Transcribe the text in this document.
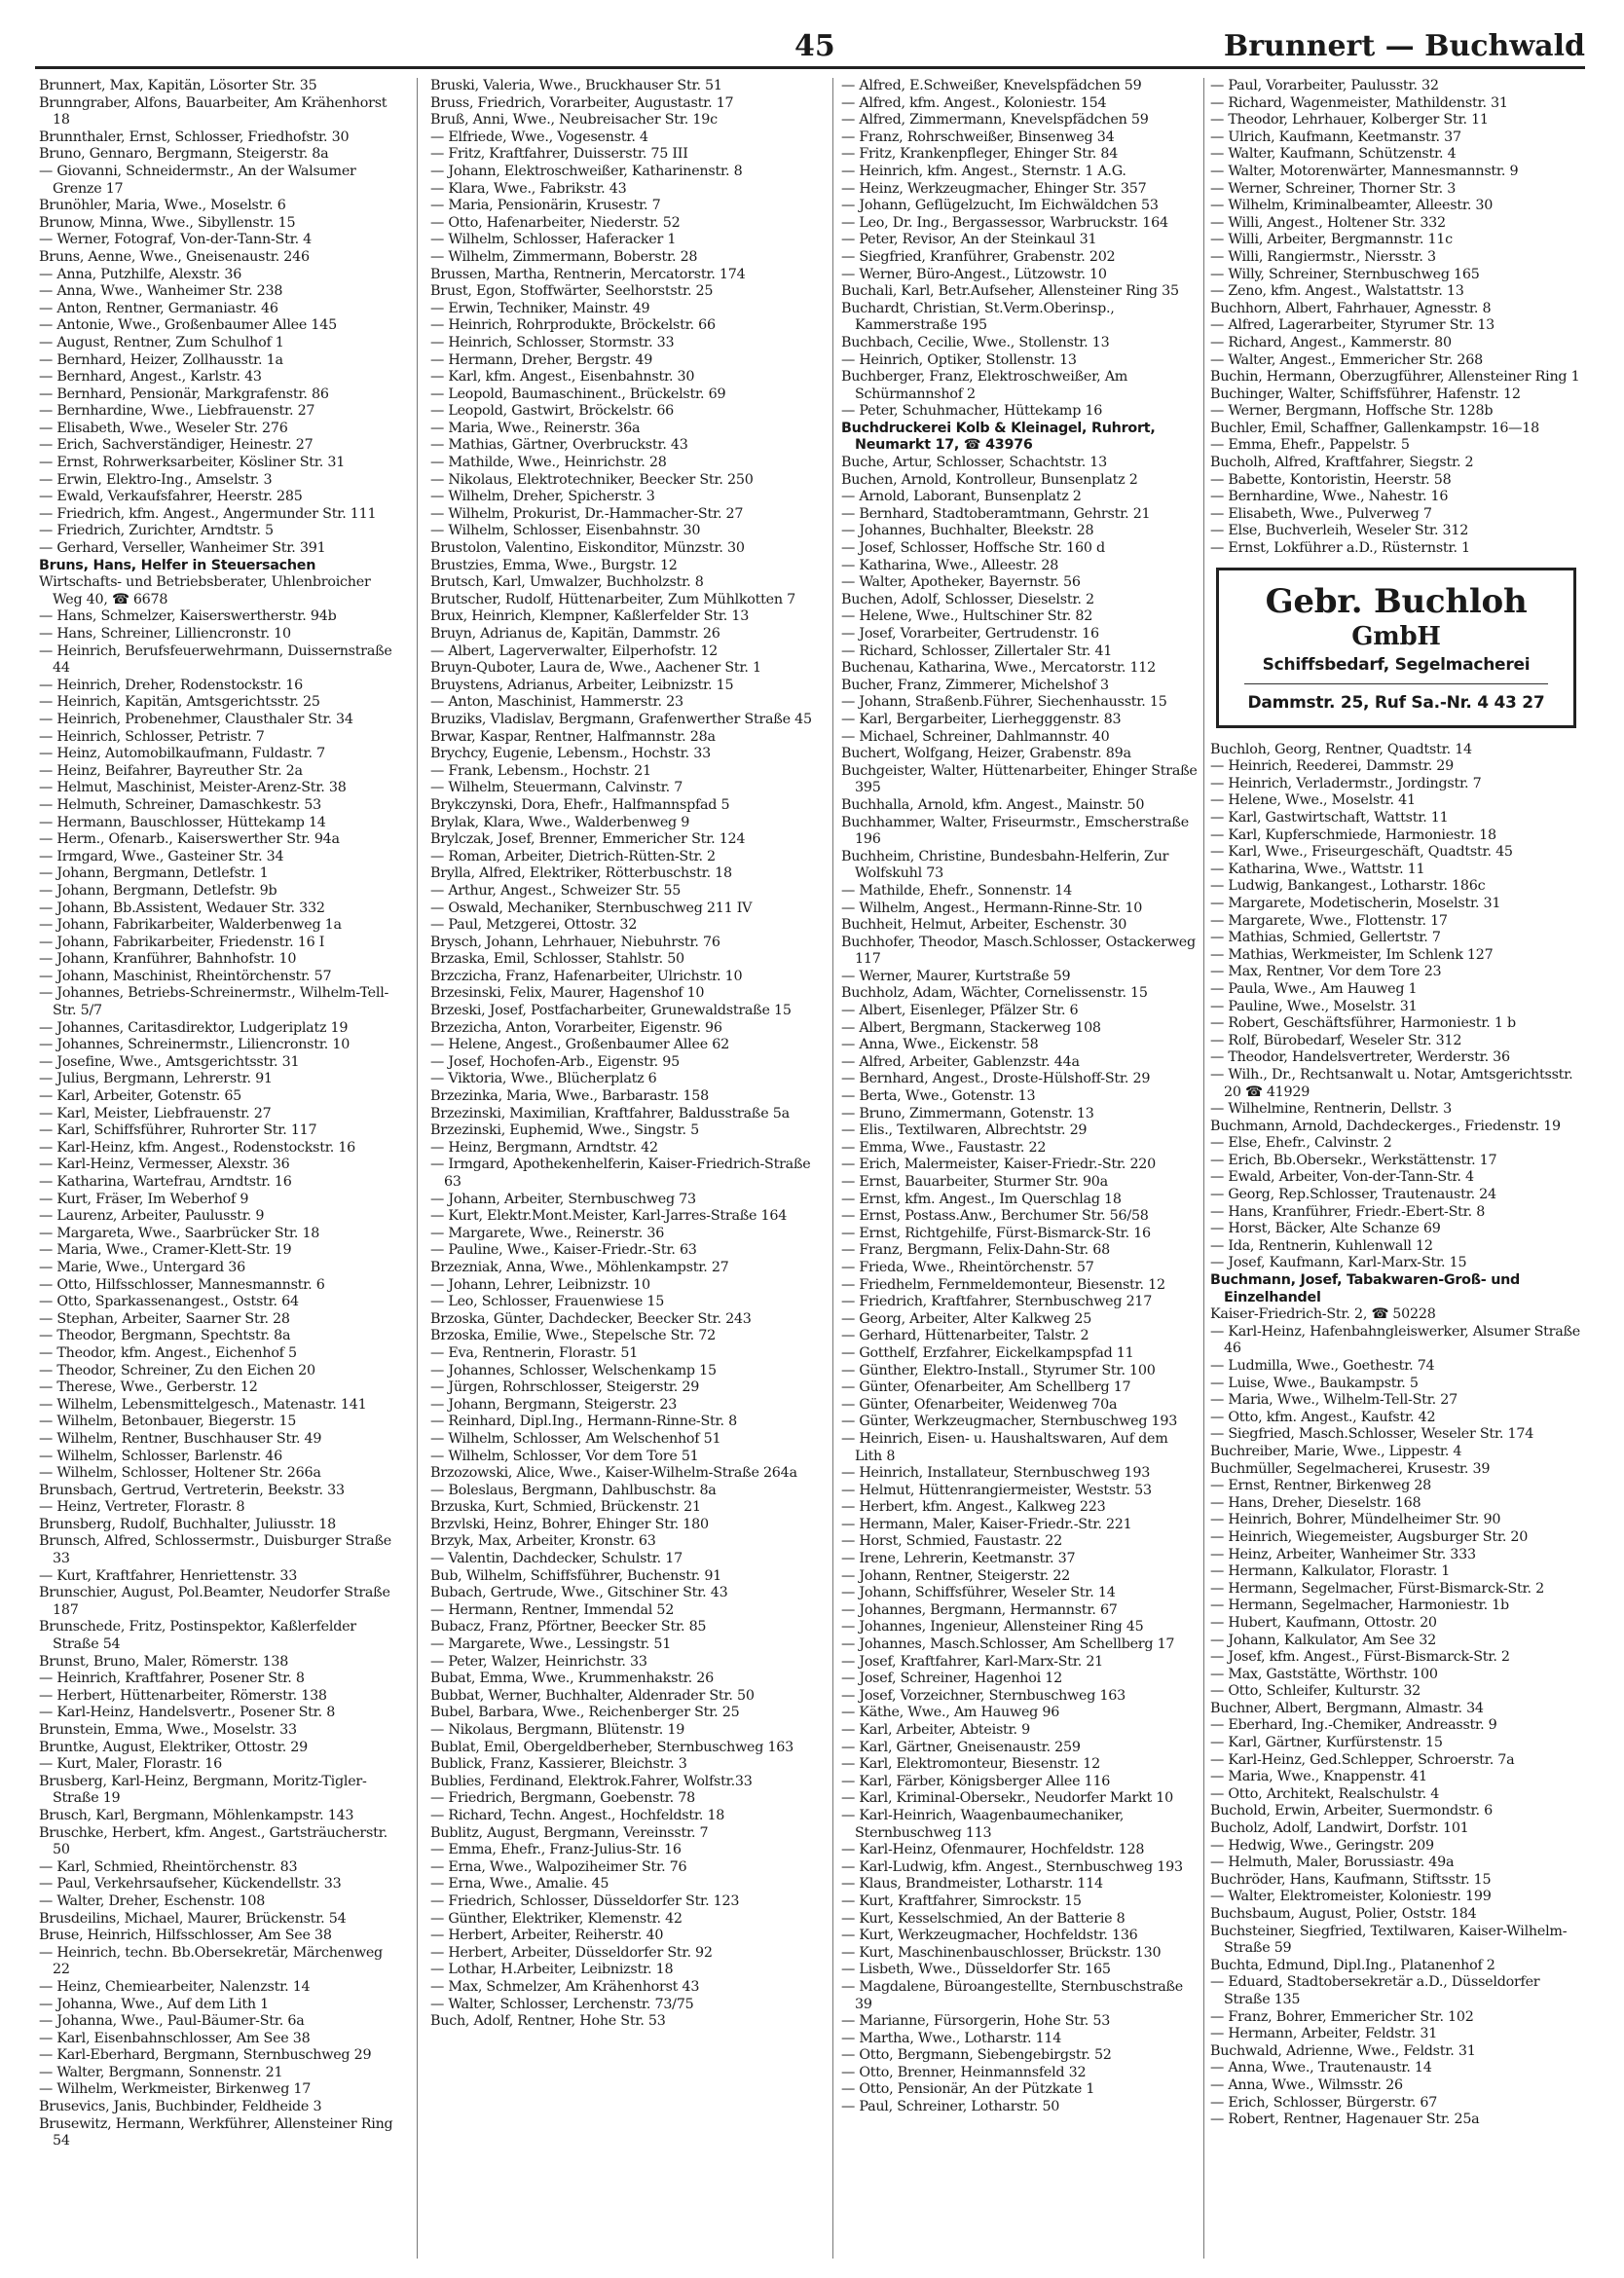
45	Brunnert — Buchwald

Brunnert, Max, Kapitän, Lösorter Str. 35

Brunngraber, Alfons, Bauarbeiter, Am Krähenhorst 18

Brunnthaler, Ernst, Schlosser, Friedhofstr. 30

Bruno, Gennaro, Bergmann, Steigerstr. 8a

— Giovanni, Schneidermstr., An der Walsumer Grenze 17

Brunöhler, Maria, Wwe., Moselstr. 6

Brunow, Minna, Wwe., Sibyllenstr. 15

— Werner, Fotograf, Von-der-Tann-Str. 4

Bruns, Aenne, Wwe., Gneisenaustr. 246

— Anna, Putzhilfe, Alexstr. 36

— Anna, Wwe., Wanheimer Str. 238

— Anton, Rentner, Germaniastr. 46

— Antonie, Wwe., Großenbaumer Allee 145

— August, Rentner, Zum Schulhof 1

— Bernhard, Heizer, Zollhausstr. 1a

— Bernhard, Angest., Karlstr. 43

— Bernhard, Pensionär, Markgrafenstr. 86

— Bernhardine, Wwe., Liebfrauenstr. 27

— Elisabeth, Wwe., Weseler Str. 276

— Erich, Sachverständiger, Heinestr. 27

— Ernst, Rohrwerksarbeiter, Kösliner Str. 31

— Erwin, Elektro-Ing., Amselstr. 3

— Ewald, Verkaufsfahrer, Heerstr. 285

— Friedrich, kfm. Angest., Angermunder Str. 111

— Friedrich, Zurichter, Arndtstr. 5

— Gerhard, Verseller, Wanheimer Str. 391

Bruns, Hans, Helfer in Steuersachen

Wirtschafts- und Betriebsberater, Uhlenbroicher Weg 40, ☎ 6678

— Hans, Schmelzer, Kaiserswertherstr. 94b

— Hans, Schreiner, Lilliencronstr. 10

— Heinrich, Berufsfeuerwehrmann, Duissernstraße 44

— Heinrich, Dreher, Rodenstockstr. 16

— Heinrich, Kapitän, Amtsgerichtsstr. 25

— Heinrich, Probenehmer, Clausthaler Str. 34

— Heinrich, Schlosser, Petristr. 7

— Heinz, Automobilkaufmann, Fuldastr. 7

— Heinz, Beifahrer, Bayreuther Str. 2a

— Helmut, Maschinist, Meister-Arenz-Str. 38

— Helmuth, Schreiner, Damaschkestr. 53

— Hermann, Bauschlosser, Hüttekamp 14

— Herm., Ofenarb., Kaiserswerther Str. 94a

— Irmgard, Wwe., Gasteiner Str. 34

— Johann, Bergmann, Detlefstr. 1

— Johann, Bergmann, Detlefstr. 9b

— Johann, Bb.Assistent, Wedauer Str. 332

— Johann, Fabrikarbeiter, Walderbenweg 1a

— Johann, Fabrikarbeiter, Friedenstr. 16 I

— Johann, Kranführer, Bahnhofstr. 10

— Johann, Maschinist, Rheintörchenstr. 57

— Johannes, Betriebs-Schreinermstr., Wilhelm-Tell-Str. 5/7

— Johannes, Caritasdirektor, Ludgeriplatz 19

— Johannes, Schreinermstr., Liliencronstr. 10

— Josefine, Wwe., Amtsgerichtsstr. 31

— Julius, Bergmann, Lehrerstr. 91

— Karl, Arbeiter, Gotenstr. 65

— Karl, Meister, Liebfrauenstr. 27

— Karl, Schiffsführer, Ruhrorter Str. 117

— Karl-Heinz, kfm. Angest., Rodenstockstr. 16

— Karl-Heinz, Vermesser, Alexstr. 36

— Katharina, Wartefrau, Arndtstr. 16

— Kurt, Fräser, Im Weberhof 9

— Laurenz, Arbeiter, Paulusstr. 9

— Margareta, Wwe., Saarbrücker Str. 18

— Maria, Wwe., Cramer-Klett-Str. 19

— Marie, Wwe., Untergard 36

— Otto, Hilfsschlosser, Mannesmannstr. 6

— Otto, Sparkassenangest., Oststr. 64

— Stephan, Arbeiter, Saarner Str. 28

— Theodor, Bergmann, Spechtstr. 8a

— Theodor, kfm. Angest., Eichenhof 5

— Theodor, Schreiner, Zu den Eichen 20

— Therese, Wwe., Gerberstr. 12

— Wilhelm, Lebensmittelgesch., Matenastr. 141

— Wilhelm, Betonbauer, Biegerstr. 15

— Wilhelm, Rentner, Buschhauser Str. 49

— Wilhelm, Schlosser, Barlenstr. 46

— Wilhelm, Schlosser, Holtener Str. 266a

Brunsbach, Gertrud, Vertreterin, Beekstr. 33

— Heinz, Vertreter, Florastr. 8

Brunsberg, Rudolf, Buchhalter, Juliusstr. 18

Brunsch, Alfred, Schlossermstr., Duisburger Straße 33

— Kurt, Kraftfahrer, Henriettenstr. 33

Brunschier, August, Pol.Beamter, Neudorfer Straße 187

Brunschede, Fritz, Postinspektor, Kaßlerfelder Straße 54

Brunst, Bruno, Maler, Römerstr. 138

— Heinrich, Kraftfahrer, Posener Str. 8

— Herbert, Hüttenarbeiter, Römerstr. 138

— Karl-Heinz, Handelsvertr., Posener Str. 8

Brunstein, Emma, Wwe., Moselstr. 33

Bruntke, August, Elektriker, Ottostr. 29

— Kurt, Maler, Florastr. 16

Brusberg, Karl-Heinz, Bergmann, Moritz-Tigler-Straße 19

Brusch, Karl, Bergmann, Möhlenkampstr. 143

Bruschke, Herbert, kfm. Angest., Gartsträucherstr. 50

— Karl, Schmied, Rheintörchenstr. 83

— Paul, Verkehrsaufseher, Kückendellstr. 33

— Walter, Dreher, Eschenstr. 108

Brusdeilins, Michael, Maurer, Brückenstr. 54

Bruse, Heinrich, Hilfsschlosser, Am See 38

— Heinrich, techn. Bb.Obersekretär, Märchenweg 22

— Heinz, Chemiearbeiter, Nalenzstr. 14

— Johanna, Wwe., Auf dem Lith 1

— Johanna, Wwe., Paul-Bäumer-Str. 6a

— Karl, Eisenbahnschlosser, Am See 38

— Karl-Eberhard, Bergmann, Sternbuschweg 29

— Walter, Bergmann, Sonnenstr. 21

— Wilhelm, Werkmeister, Birkenweg 17

Brusevics, Janis, Buchbinder, Feldheide 3

Brusewitz, Hermann, Werkführer, Allensteiner Ring 54

Bruski, Valeria, Wwe., Bruckhauser Str. 51

Bruss, Friedrich, Vorarbeiter, Augustastr. 17

Bruß, Anni, Wwe., Neubreisacher Str. 19c

— Elfriede, Wwe., Vogesenstr. 4

— Fritz, Kraftfahrer, Duisserstr. 75 III

— Johann, Elektroschweißer, Katharinenstr. 8

— Klara, Wwe., Fabrikstr. 43

— Maria, Pensionärin, Krusestr. 7

— Otto, Hafenarbeiter, Niederstr. 52

— Wilhelm, Schlosser, Haferacker 1

— Wilhelm, Zimmermann, Boberstr. 28

Brussen, Martha, Rentnerin, Mercatorstr. 174

Brust, Egon, Stoffwärter, Seelhorststr. 25

— Erwin, Techniker, Mainstr. 49

— Heinrich, Rohrprodukte, Bröckelstr. 66

— Heinrich, Schlosser, Stormstr. 33

— Hermann, Dreher, Bergstr. 49

— Karl, kfm. Angest., Eisenbahnstr. 30

— Leopold, Baumaschinent., Brückelstr. 69

— Leopold, Gastwirt, Bröckelstr. 66

— Maria, Wwe., Reinerstr. 36a

— Mathias, Gärtner, Overbruckstr. 43

— Mathilde, Wwe., Heinrichstr. 28

— Nikolaus, Elektrotechniker, Beecker Str. 250

— Wilhelm, Dreher, Spicherstr. 3

— Wilhelm, Prokurist, Dr.-Hammacher-Str. 27

— Wilhelm, Schlosser, Eisenbahnstr. 30

Brustolon, Valentino, Eiskonditor, Münzstr. 30

Brustzies, Emma, Wwe., Burgstr. 12

Brutsch, Karl, Umwalzer, Buchholzstr. 8

Brutscher, Rudolf, Hüttenarbeiter, Zum Mühlkotten 7

Brux, Heinrich, Klempner, Kaßlerfelder Str. 13

Bruyn, Adrianus de, Kapitän, Dammstr. 26

— Albert, Lagerverwalter, Eilperhofstr. 12

Bruyn-Quboter, Laura de, Wwe., Aachener Str. 1

Bruystens, Adrianus, Arbeiter, Leibnizstr. 15

— Anton, Maschinist, Hammerstr. 23

Bruziks, Vladislav, Bergmann, Grafenwerther Straße 45

Brwar, Kaspar, Rentner, Halfmannstr. 28a

Brychcy, Eugenie, Lebensm., Hochstr. 33

— Frank, Lebensm., Hochstr. 21

— Wilhelm, Steuermann, Calvinstr. 7

Brykczynski, Dora, Ehefr., Halfmannspfad 5

Brylak, Klara, Wwe., Walderbenweg 9

Brylczak, Josef, Brenner, Emmericher Str. 124

— Roman, Arbeiter, Dietrich-Rütten-Str. 2

Brylla, Alfred, Elektriker, Rötterbuschstr. 18

— Arthur, Angest., Schweizer Str. 55

— Oswald, Mechaniker, Sternbuschweg 211 IV

— Paul, Metzgerei, Ottostr. 32

Brysch, Johann, Lehrhauer, Niebuhrstr. 76

Brzaska, Emil, Schlosser, Stahlstr. 50

Brzczicha, Franz, Hafenarbeiter, Ulrichstr. 10

Brzesinski, Felix, Maurer, Hagenshof 10

Brzeski, Josef, Postfacharbeiter, Grunewaldstraße 15

Brzezicha, Anton, Vorarbeiter, Eigenstr. 96

— Helene, Angest., Großenbaumer Allee 62

— Josef, Hochofen-Arb., Eigenstr. 95

— Viktoria, Wwe., Blücherplatz 6

Brzezinka, Maria, Wwe., Barbarastr. 158

Brzezinski, Maximilian, Kraftfahrer, Baldusstraße 5a

Brzezinski, Euphemid, Wwe., Singstr. 5

— Heinz, Bergmann, Arndtstr. 42

— Irmgard, Apothekenhelferin, Kaiser-Friedrich-Straße 63

— Johann, Arbeiter, Sternbuschweg 73

— Kurt, Elektr.Mont.Meister, Karl-Jarres-Straße 164

— Margarete, Wwe., Reinerstr. 36

— Pauline, Wwe., Kaiser-Friedr.-Str. 63

Brzezniak, Anna, Wwe., Möhlenkampstr. 27

— Johann, Lehrer, Leibnizstr. 10

— Leo, Schlosser, Frauenwiese 15

Brzoska, Günter, Dachdecker, Beecker Str. 243

Brzoska, Emilie, Wwe., Stepelsche Str. 72

— Eva, Rentnerin, Florastr. 51

— Johannes, Schlosser, Welschenkamp 15

— Jürgen, Rohrschlosser, Steigerstr. 29

— Johann, Bergmann, Steigerstr. 23

— Reinhard, Dipl.Ing., Hermann-Rinne-Str. 8

— Wilhelm, Schlosser, Am Welschenhof 51

— Wilhelm, Schlosser, Vor dem Tore 51

Brzozowski, Alice, Wwe., Kaiser-Wilhelm-Straße 264a

— Boleslaus, Bergmann, Dahlbuschstr. 8a

Brzuska, Kurt, Schmied, Brückenstr. 21

Brzvlski, Heinz, Bohrer, Ehinger Str. 180

Brzyk, Max, Arbeiter, Kronstr. 63

— Valentin, Dachdecker, Schulstr. 17

Bub, Wilhelm, Schiffsführer, Buchenstr. 91

Bubach, Gertrude, Wwe., Gitschiner Str. 43

— Hermann, Rentner, Immendal 52

Bubacz, Franz, Pförtner, Beecker Str. 85

— Margarete, Wwe., Lessingstr. 51

— Peter, Walzer, Heinrichstr. 33

Bubat, Emma, Wwe., Krummenhakstr. 26

Bubbat, Werner, Buchhalter, Aldenrader Str. 50

Bubel, Barbara, Wwe., Reichenberger Str. 25

— Nikolaus, Bergmann, Blütenstr. 19

Bublat, Emil, Obergeldberheber, Sternbuschweg 163

Bublick, Franz, Kassierer, Bleichstr. 3

Bublies, Ferdinand, Elektrok.Fahrer, Wolfstr.33

— Friedrich, Bergmann, Goebenstr. 78

— Richard, Techn. Angest., Hochfeldstr. 18

Bublitz, August, Bergmann, Vereinsstr. 7

— Emma, Ehefr., Franz-Julius-Str. 16

— Erna, Wwe., Walpoziheimer Str. 76

— Erna, Wwe., Amalie. 45

— Friedrich, Schlosser, Düsseldorfer Str. 123

— Günther, Elektriker, Klemenstr. 42

— Herbert, Arbeiter, Reiherstr. 40

— Herbert, Arbeiter, Düsseldorfer Str. 92

— Lothar, H.Arbeiter, Leibnizstr. 18

— Max, Schmelzer, Am Krähenhorst 43

— Walter, Schlosser, Lerchenstr. 73/75

Buch, Adolf, Rentner, Hohe Str. 53

— Alfred, E.Schweißer, Knevelspfädchen 59

— Alfred, kfm. Angest., Koloniestr. 154

— Alfred, Zimmermann, Knevelspfädchen 59

— Franz, Rohrschweißer, Binsenweg 34

— Fritz, Krankenpfleger, Ehinger Str. 84

— Heinrich, kfm. Angest., Sternstr. 1 A.G.

— Heinz, Werkzeugmacher, Ehinger Str. 357

— Johann, Geflügelzucht, Im Eichwäldchen 53

— Leo, Dr. Ing., Bergassessor, Warbruckstr. 164

— Peter, Revisor, An der Steinkaul 31

— Siegfried, Kranführer, Grabenstr. 202

— Werner, Büro-Angest., Lützowstr. 10

Buchali, Karl, Betr.Aufseher, Allensteiner Ring 35

Buchardt, Christian, St.Verm.Oberinsp., Kammerstraße 195

Buchbach, Cecilie, Wwe., Stollenstr. 13

— Heinrich, Optiker, Stollenstr. 13

Buchberger, Franz, Elektroschweißer, Am Schürmannshof 2

— Peter, Schuhmacher, Hüttekamp 16

Buchdruckerei Kolb & Kleinagel, Ruhrort, Neumarkt 17, ☎ 43976

Buche, Artur, Schlosser, Schachtstr. 13

Buchen, Arnold, Kontrolleur, Bunsenplatz 2

— Arnold, Laborant, Bunsenplatz 2

— Bernhard, Stadtoberamtmann, Gehrstr. 21

— Johannes, Buchhalter, Bleekstr. 28

— Josef, Schlosser, Hoffsche Str. 160 d

— Katharina, Wwe., Alleestr. 28

— Walter, Apotheker, Bayernstr. 56

Buchen, Adolf, Schlosser, Dieselstr. 2

— Helene, Wwe., Hultschiner Str. 82

— Josef, Vorarbeiter, Gertrudenstr. 16

— Richard, Schlosser, Zillertaler Str. 41

Buchenau, Katharina, Wwe., Mercatorstr. 112

Bucher, Franz, Zimmerer, Michelshof 3

— Johann, Straßenb.Führer, Siechenhausstr. 15

— Karl, Bergarbeiter, Lierhegggenstr. 83

— Michael, Schreiner, Dahlmannstr. 40

Buchert, Wolfgang, Heizer, Grabenstr. 89a

Buchgeister, Walter, Hüttenarbeiter, Ehinger Straße 395

Buchhalla, Arnold, kfm. Angest., Mainstr. 50

Buchhammer, Walter, Friseurmstr., Emscherstraße 196

Buchheim, Christine, Bundesbahn-Helferin, Zur Wolfskuhl 73

— Mathilde, Ehefr., Sonnenstr. 14

— Wilhelm, Angest., Hermann-Rinne-Str. 10

Buchheit, Helmut, Arbeiter, Eschenstr. 30

Buchhofer, Theodor, Masch.Schlosser, Ostackerweg 117

— Werner, Maurer, Kurtstraße 59

Buchholz, Adam, Wächter, Cornelissenstr. 15

— Albert, Eisenleger, Pfälzer Str. 6

— Albert, Bergmann, Stackerweg 108

— Anna, Wwe., Eickenstr. 58

— Alfred, Arbeiter, Gablenzstr. 44a

— Bernhard, Angest., Droste-Hülshoff-Str. 29

— Berta, Wwe., Gotenstr. 13

— Bruno, Zimmermann, Gotenstr. 13

— Elis., Textilwaren, Albrechtstr. 29

— Emma, Wwe., Faustastr. 22

— Erich, Malermeister, Kaiser-Friedr.-Str. 220

— Ernst, Bauarbeiter, Sturmer Str. 90a

— Ernst, kfm. Angest., Im Querschlag 18

— Ernst, Postass.Anw., Berchumer Str. 56/58

— Ernst, Richtgehilfe, Fürst-Bismarck-Str. 16

— Franz, Bergmann, Felix-Dahn-Str. 68

— Frieda, Wwe., Rheintörchenstr. 57

— Friedhelm, Fernmeldemonteur, Biesenstr. 12

— Friedrich, Kraftfahrer, Sternbuschweg 217

— Georg, Arbeiter, Alter Kalkweg 25

— Gerhard, Hüttenarbeiter, Talstr. 2

— Gotthelf, Erzfahrer, Eickelkampspfad 11

— Günther, Elektro-Install., Styrumer Str. 100

— Günter, Ofenarbeiter, Am Schellberg 17

— Günter, Ofenarbeiter, Weidenweg 70a

— Günter, Werkzeugmacher, Sternbuschweg 193

— Heinrich, Eisen- u. Haushaltswaren, Auf dem Lith 8

— Heinrich, Installateur, Sternbuschweg 193

— Helmut, Hüttenrangiermeister, Weststr. 53

— Herbert, kfm. Angest., Kalkweg 223

— Hermann, Maler, Kaiser-Friedr.-Str. 221

— Horst, Schmied, Faustastr. 22

— Irene, Lehrerin, Keetmanstr. 37

— Johann, Rentner, Steigerstr. 22

— Johann, Schiffsführer, Weseler Str. 14

— Johannes, Bergmann, Hermannstr. 67

— Johannes, Ingenieur, Allensteiner Ring 45

— Johannes, Masch.Schlosser, Am Schellberg 17

— Josef, Kraftfahrer, Karl-Marx-Str. 21

— Josef, Schreiner, Hagenhoi 12

— Josef, Vorzeichner, Sternbuschweg 163

— Käthe, Wwe., Am Hauweg 96

— Karl, Arbeiter, Abteistr. 9

— Karl, Gärtner, Gneisenaustr. 259

— Karl, Elektromonteur, Biesenstr. 12

— Karl, Färber, Königsberger Allee 116

— Karl, Kriminal-Obersekr., Neudorfer Markt 10

— Karl-Heinrich, Waagenbaumechaniker, Sternbuschweg 113

— Karl-Heinz, Ofenmaurer, Hochfeldstr. 128

— Karl-Ludwig, kfm. Angest., Sternbuschweg 193

— Klaus, Brandmeister, Lotharstr. 114

— Kurt, Kraftfahrer, Simrockstr. 15

— Kurt, Kesselschmied, An der Batterie 8

— Kurt, Werkzeugmacher, Hochfeldstr. 136

— Kurt, Maschinenbauschlosser, Brückstr. 130

— Lisbeth, Wwe., Düsseldorfer Str. 165

— Magdalene, Büroangestellte, Sternbuschstraße 39

— Marianne, Fürsorgerin, Hohe Str. 53

— Martha, Wwe., Lotharstr. 114

— Otto, Bergmann, Siebengebirgstr. 52

— Otto, Brenner, Heinmannsfeld 32

— Otto, Pensionär, An der Pützkate 1

— Paul, Schreiner, Lotharstr. 50

— Paul, Vorarbeiter, Paulusstr. 32

— Richard, Wagenmeister, Mathildenstr. 31

— Theodor, Lehrhauer, Kolberger Str. 11

— Ulrich, Kaufmann, Keetmanstr. 37

— Walter, Kaufmann, Schützenstr. 4

— Walter, Motorenwärter, Mannesmannstr. 9

— Werner, Schreiner, Thorner Str. 3

— Wilhelm, Kriminalbeamter, Alleestr. 30

— Willi, Angest., Holtener Str. 332

— Willi, Arbeiter, Bergmannstr. 11c

— Willi, Rangiermstr., Niersstr. 3

— Willy, Schreiner, Sternbuschweg 165

— Zeno, kfm. Angest., Walstattstr. 13

Buchhorn, Albert, Fahrhauer, Agnesstr. 8

— Alfred, Lagerarbeiter, Styrumer Str. 13

— Richard, Angest., Kammerstr. 80

— Walter, Angest., Emmericher Str. 268

Buchin, Hermann, Oberzugführer, Allensteiner Ring 1

Buchinger, Walter, Schiffsführer, Hafenstr. 12

— Werner, Bergmann, Hoffsche Str. 128b

Buchler, Emil, Schaffner, Gallenkampstr. 16—18

— Emma, Ehefr., Pappelstr. 5

Bucholh, Alfred, Kraftfahrer, Siegstr. 2

— Babette, Kontoristin, Heerstr. 58

— Bernhardine, Wwe., Nahestr. 16

— Elisabeth, Wwe., Pulverweg 7

— Else, Buchverleih, Weseler Str. 312

— Ernst, Lokführer a.D., Rüsternstr. 1

Gebr. Buchloh
GmbH
Schiffsbedarf, Segelmacherei
Dammstr. 25, Ruf Sa.-Nr. 4 43 27

Buchloh, Georg, Rentner, Quadtstr. 14

— Heinrich, Reederei, Dammstr. 29

— Heinrich, Verladermstr., Jordingstr. 7

— Helene, Wwe., Moselstr. 41

— Karl, Gastwirtschaft, Wattstr. 11

— Karl, Kupferschmiede, Harmoniestr. 18

— Karl, Wwe., Friseurgeschäft, Quadtstr. 45

— Katharina, Wwe., Wattstr. 11

— Ludwig, Bankangest., Lotharstr. 186c

— Margarete, Modetischerin, Moselstr. 31

— Margarete, Wwe., Flottenstr. 17

— Mathias, Schmied, Gellertstr. 7

— Mathias, Werkmeister, Im Schlenk 127

— Max, Rentner, Vor dem Tore 23

— Paula, Wwe., Am Hauweg 1

— Pauline, Wwe., Moselstr. 31

— Robert, Geschäftsführer, Harmoniestr. 1 b

— Rolf, Bürobedarf, Weseler Str. 312

— Theodor, Handelsvertreter, Werderstr. 36

— Wilh., Dr., Rechtsanwalt u. Notar, Amtsgerichtsstr. 20 ☎ 41929

— Wilhelmine, Rentnerin, Dellstr. 3

Buchmann, Arnold, Dachdeckerges., Friedenstr. 19

— Else, Ehefr., Calvinstr. 2

— Erich, Bb.Obersekr., Werkstättenstr. 17

— Ewald, Arbeiter, Von-der-Tann-Str. 4

— Georg, Rep.Schlosser, Trautenaustr. 24

— Hans, Kranführer, Friedr.-Ebert-Str. 8

— Horst, Bäcker, Alte Schanze 69

— Ida, Rentnerin, Kuhlenwall 12

— Josef, Kaufmann, Karl-Marx-Str. 15

Buchmann, Josef, Tabakwaren-Groß- und Einzelhandel

Kaiser-Friedrich-Str. 2, ☎ 50228

— Karl-Heinz, Hafenbahngleiswerker, Alsumer Straße 46

— Ludmilla, Wwe., Goethestr. 74

— Luise, Wwe., Baukampstr. 5

— Maria, Wwe., Wilhelm-Tell-Str. 27

— Otto, kfm. Angest., Kaufstr. 42

— Siegfried, Masch.Schlosser, Weseler Str. 174

Buchreiber, Marie, Wwe., Lippestr. 4

Buchmüller, Segelmacherei, Krusestr. 39

— Ernst, Rentner, Birkenweg 28

— Hans, Dreher, Dieselstr. 168

— Heinrich, Bohrer, Mündelheimer Str. 90

— Heinrich, Wiegemeister, Augsburger Str. 20

— Heinz, Arbeiter, Wanheimer Str. 333

— Hermann, Kalkulator, Florastr. 1

— Hermann, Segelmacher, Fürst-Bismarck-Str. 2

— Hermann, Segelmacher, Harmoniestr. 1b

— Hubert, Kaufmann, Ottostr. 20

— Johann, Kalkulator, Am See 32

— Josef, kfm. Angest., Fürst-Bismarck-Str. 2

— Max, Gaststätte, Wörthstr. 100

— Otto, Schleifer, Kulturstr. 32

Buchner, Albert, Bergmann, Almastr. 34

— Eberhard, Ing.-Chemiker, Andreasstr. 9

— Karl, Gärtner, Kurfürstenstr. 15

— Karl-Heinz, Ged.Schlepper, Schroerstr. 7a

— Maria, Wwe., Knappenstr. 41

— Otto, Architekt, Realschulstr. 4

Buchold, Erwin, Arbeiter, Suermondstr. 6

Bucholz, Adolf, Landwirt, Dorfstr. 101

— Hedwig, Wwe., Geringstr. 209

— Helmuth, Maler, Borussiastr. 49a

Buchröder, Hans, Kaufmann, Stiftsstr. 15

— Walter, Elektromeister, Koloniestr. 199

Buchsbaum, August, Polier, Oststr. 184

Buchsteiner, Siegfried, Textilwaren, Kaiser-Wilhelm-Straße 59

Buchta, Edmund, Dipl.Ing., Platanenhof 2

— Eduard, Stadtobersekretär a.D., Düsseldorfer Straße 135

— Franz, Bohrer, Emmericher Str. 102

— Hermann, Arbeiter, Feldstr. 31

Buchwald, Adrienne, Wwe., Feldstr. 31

— Anna, Wwe., Trautenaustr. 14

— Anna, Wwe., Wilmsstr. 26

— Erich, Schlosser, Bürgerstr. 67

— Robert, Rentner, Hagenauer Str. 25a
